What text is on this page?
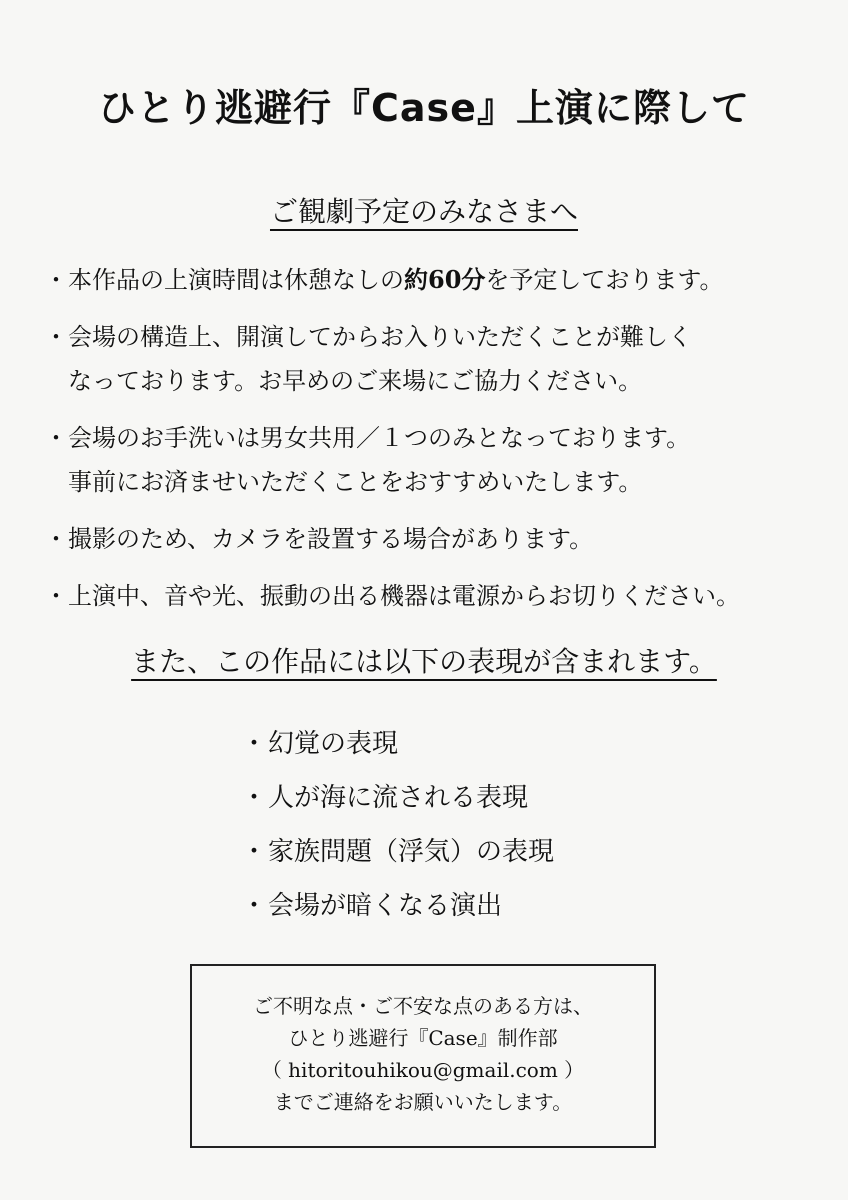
ひとり逃避行『Case』上演に際して
ご観劇予定のみなさまへ
・ 本作品の上演時間は休憩なしの約60分を予定しております。
・ 会場の構造上、開演してからお入りいただくことが難しく
なっております。お早めのご来場にご協力ください。
・ 会場のお手洗いは男女共用／１つのみとなっております。
事前にお済ませいただくことをおすすめいたします。
・ 撮影のため、カメラを設置する場合があります。
・ 上演中、音や光、振動の出る機器は電源からお切りください。
また、この作品には以下の表現が含まれます。
・ 幻覚の表現
・ 人が海に流される表現
・ 家族問題（浮気）の表現
・ 会場が暗くなる演出
ご不明な点・ご不安な点のある方は、
ひとり逃避行『Case』制作部
（ hitoritouhikou@gmail.com ）
までご連絡をお願いいたします。
